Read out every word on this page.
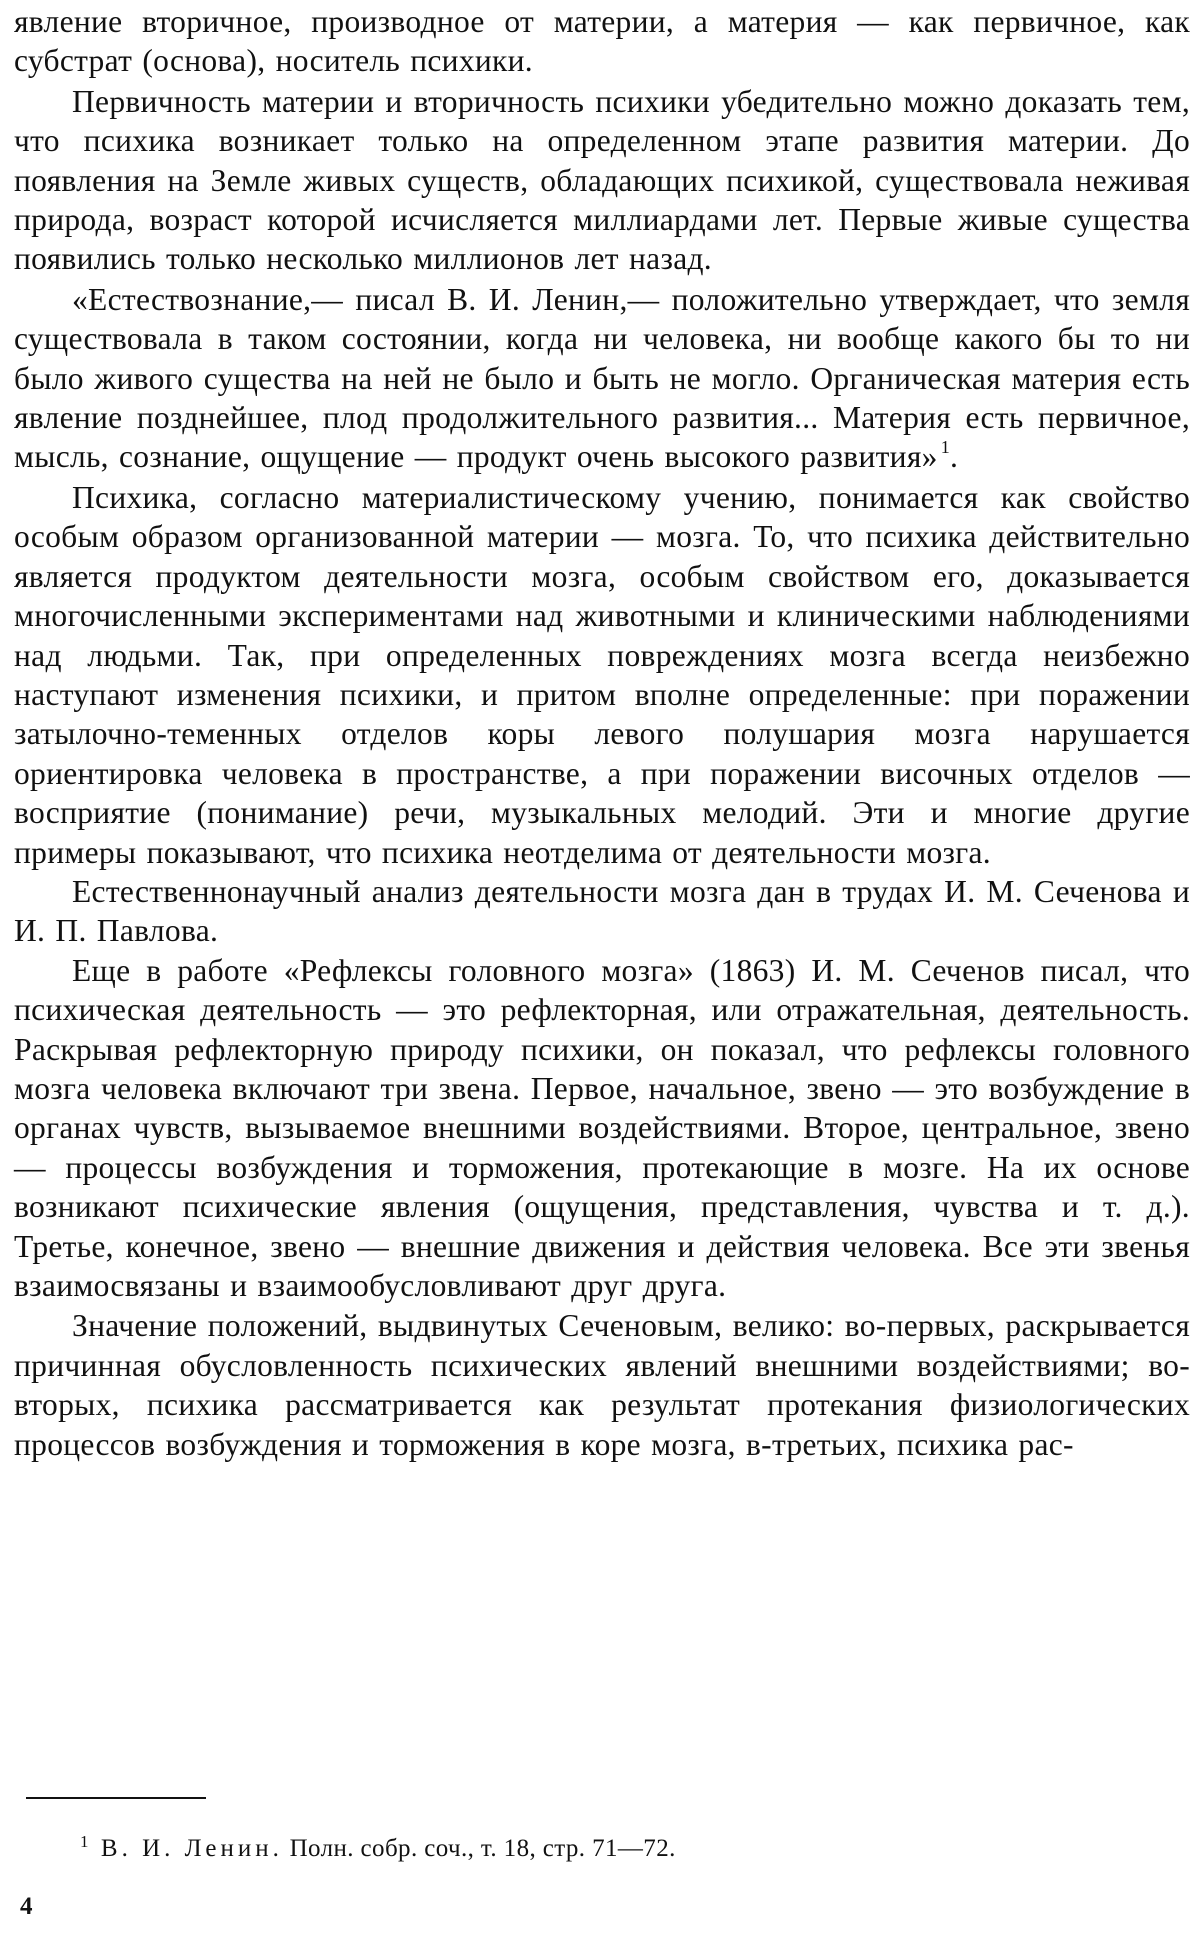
явление вторичное, производное от материи, а материя — как первичное, как субстрат (основа), носитель психики.

Первичность материи и вторичность психики убедительно можно доказать тем, что психика возникает только на определенном этапе развития материи. До появления на Земле живых существ, обладающих психикой, существовала неживая природа, возраст которой исчисляется миллиардами лет. Первые живые существа появились только несколько миллионов лет назад.

«Естествознание,— писал В. И. Ленин,— положительно утверждает, что земля существовала в таком состоянии, когда ни человека, ни вообще какого бы то ни было живого существа на ней не было и быть не могло. Органическая материя есть явление позднейшее, плод продолжительного развития... Материя есть первичное, мысль, сознание, ощущение — продукт очень высокого развития» $^1$.

Психика, согласно материалистическому учению, понимается как свойство особым образом организованной материи — мозга. То, что психика действительно является продуктом деятельности мозга, особым свойством его, доказывается многочисленными экспериментами над животными и клиническими наблюдениями над людьми. Так, при определенных повреждениях мозга всегда неизбежно наступают изменения психики, и притом вполне определенные: при поражении затылочно-теменных отделов коры левого полушария мозга нарушается ориентировка человека в пространстве, а при поражении височных отделов — восприятие (понимание) речи, музыкальных мелодий. Эти и многие другие примеры показывают, что психика неотделима от деятельности мозга.

Естественнонаучный анализ деятельности мозга дан в трудах И. М. Сеченова и И. П. Павлова.

Еще в работе «Рефлексы головного мозга» (1863) И. М. Сеченов писал, что психическая деятельность — это рефлекторная, или отражательная, деятельность. Раскрывая рефлекторную природу психики, он показал, что рефлексы головного мозга человека включают три звена. Первое, начальное, звено — это возбуждение в органах чувств, вызываемое внешними воздействиями. Второе, центральное, звено — процессы возбуждения и торможения, протекающие в мозге. На их основе возникают психические явления (ощущения, представления, чувства и т. д.). Третье, конечное, звено — внешние движения и действия человека. Все эти звенья взаимосвязаны и взаимообусловливают друг друга.

Значение положений, выдвинутых Сеченовым, велико: во-первых, раскрывается причинная обусловленность психических явлений внешними воздействиями; во-вторых, психика рассматривается как результат протекания физиологических процессов возбуждения и торможения в коре мозга, в-третьих, психика рас-

$^1$ В. И. Ленин. Полн. собр. соч., т. 18, стр. 71—72.
4
